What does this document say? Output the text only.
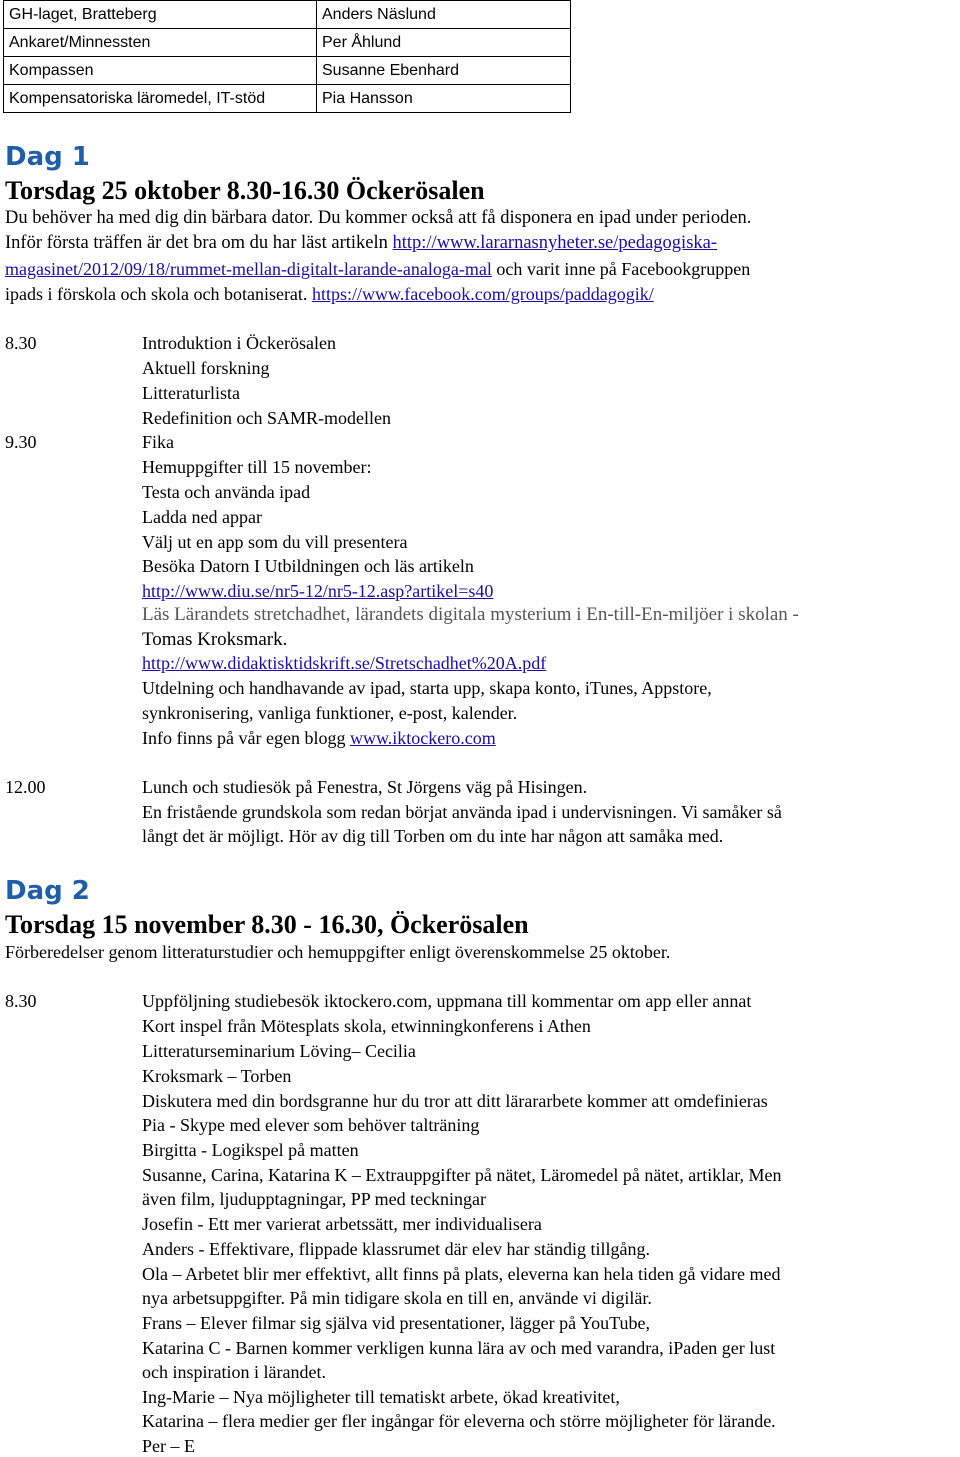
GH-laget, Bratteberg	Anders Näslund
Ankaret/Minnessten	Per Åhlund
Kompassen	Susanne Ebenhard
Kompensatoriska läromedel, IT-stöd	Pia Hansson
Dag 1
Torsdag 25 oktober 8.30-16.30 Öckerösalen
Du behöver ha med dig din bärbara dator. Du kommer också att få disponera en ipad under perioden.
Inför första träffen är det bra om du har läst artikeln http://www.lararnasnyheter.se/pedagogiska-
magasinet/2012/09/18/rummet-mellan-digitalt-larande-analoga-mal och varit inne på Facebookgruppen
ipads i förskola och skola och botaniserat. https://www.facebook.com/groups/paddagogik/
8.30	Introduktion i Öckerösalen
Aktuell forskning
Litteraturlista
Redefinition och SAMR-modellen
9.30	Fika
Hemuppgifter till 15 november:
Testa och använda ipad
Ladda ned appar
Välj ut en app som du vill presentera
Besöka Datorn I Utbildningen och läs artikeln
http://www.diu.se/nr5-12/nr5-12.asp?artikel=s40
Läs Lärandets stretchadhet, lärandets digitala mysterium i En-till-En-miljöer i skolan -
Tomas Kroksmark.
http://www.didaktisktidskrift.se/Stretschadhet%20A.pdf
Utdelning och handhavande av ipad, starta upp, skapa konto, iTunes, Appstore,
synkronisering, vanliga funktioner, e-post, kalender.
Info finns på vår egen blogg www.iktockero.com
12.00	Lunch och studiesök på Fenestra, St Jörgens väg på Hisingen.
En fristående grundskola som redan börjat använda ipad i undervisningen. Vi samåker så
långt det är möjligt. Hör av dig till Torben om du inte har någon att samåka med.
Dag 2
Torsdag 15 november 8.30 - 16.30, Öckerösalen
Förberedelser genom litteraturstudier och hemuppgifter enligt överenskommelse 25 oktober.
8.30	Uppföljning studiebesök iktockero.com, uppmana till kommentar om app eller annat
Kort inspel från Mötesplats skola, etwinningkonferens i Athen
Litteraturseminarium Löving– Cecilia
Kroksmark – Torben
Diskutera med din bordsgranne hur du tror att ditt lärararbete kommer att omdefinieras
Pia - Skype med elever som behöver talträning
Birgitta - Logikspel på matten
Susanne, Carina, Katarina K – Extrauppgifter på nätet, Läromedel på nätet, artiklar, Men
även film, ljudupptagningar, PP med teckningar
Josefin - Ett mer varierat arbetssätt, mer individualisera
Anders - Effektivare, flippade klassrumet där elev har ständig tillgång.
Ola – Arbetet blir mer effektivt, allt finns på plats, eleverna kan hela tiden gå vidare med
nya arbetsuppgifter. På min tidigare skola en till en, använde vi digilär.
Frans – Elever filmar sig själva vid presentationer, lägger på YouTube,
Katarina C - Barnen kommer verkligen kunna lära av och med varandra, iPaden ger lust
och inspiration i lärandet.
Ing-Marie – Nya möjligheter till tematiskt arbete, ökad kreativitet,
Katarina – flera medier ger fler ingångar för eleverna och större möjligheter för lärande.
Per – E
